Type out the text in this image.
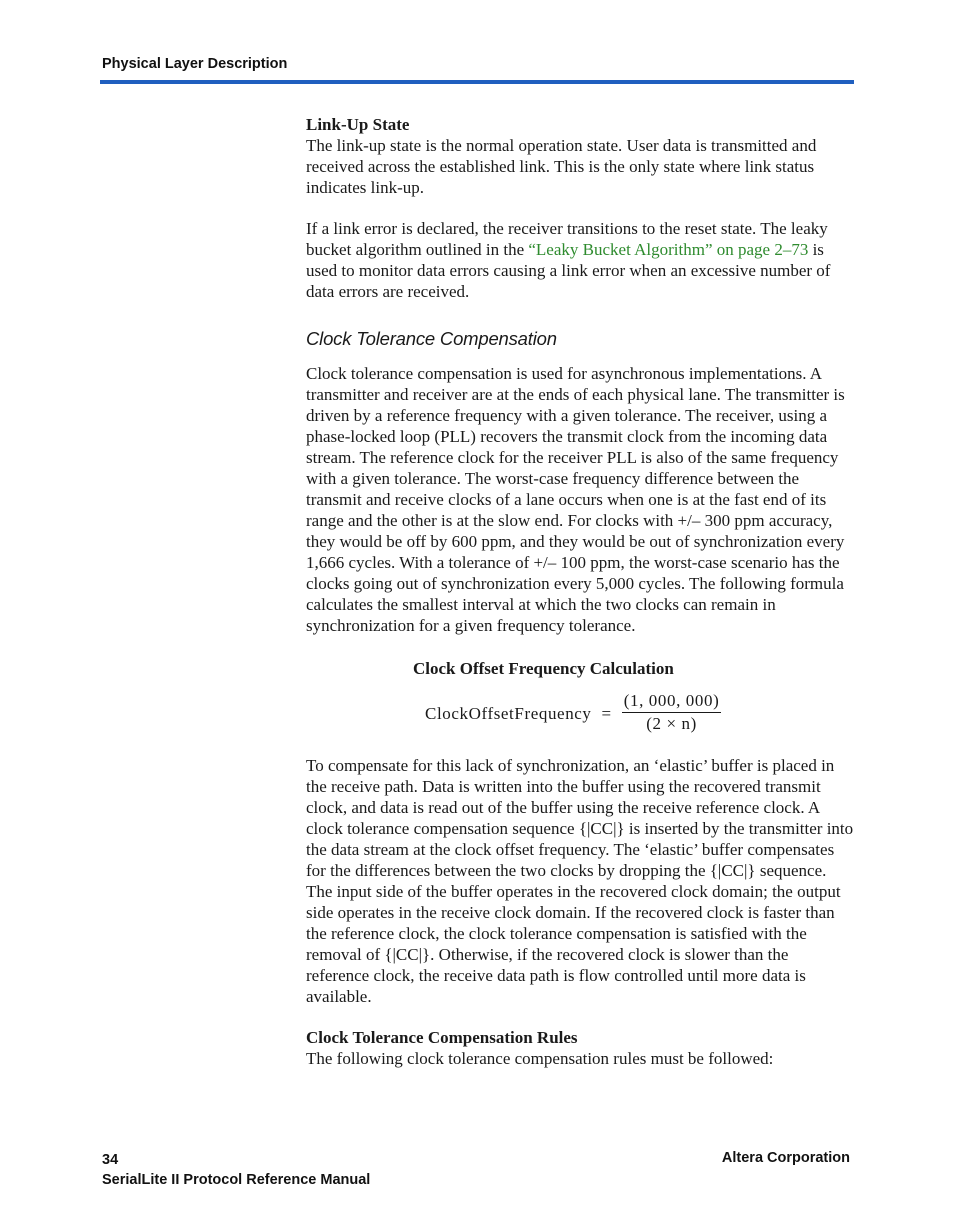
Physical Layer Description

Link-Up State

The link-up state is the normal operation state. User data is transmitted and received across the established link. This is the only state where link status indicates link-up.

If a link error is declared, the receiver transitions to the reset state. The leaky bucket algorithm outlined in the “Leaky Bucket Algorithm” on page 2–73 is used to monitor data errors causing a link error when an excessive number of data errors are received.

Clock Tolerance Compensation

Clock tolerance compensation is used for asynchronous implementations. A transmitter and receiver are at the ends of each physical lane. The transmitter is driven by a reference frequency with a given tolerance. The receiver, using a phase-locked loop (PLL) recovers the transmit clock from the incoming data stream. The reference clock for the receiver PLL is also of the same frequency with a given tolerance. The worst-case frequency difference between the transmit and receive clocks of a lane occurs when one is at the fast end of its range and the other is at the slow end. For clocks with +/– 300 ppm accuracy, they would be off by 600 ppm, and they would be out of synchronization every 1,666 cycles. With a tolerance of +/– 100 ppm, the worst-case scenario has the clocks going out of synchronization every 5,000 cycles. The following formula calculates the smallest interval at which the two clocks can remain in synchronization for a given frequency tolerance.

Clock Offset Frequency Calculation

ClockOffsetFrequency = $\frac{(1, 000, 000)}{(2 \times n)}$

To compensate for this lack of synchronization, an ‘elastic’ buffer is placed in the receive path. Data is written into the buffer using the recovered transmit clock, and data is read out of the buffer using the receive reference clock. A clock tolerance compensation sequence {|CC|} is inserted by the transmitter into the data stream at the clock offset frequency. The ‘elastic’ buffer compensates for the differences between the two clocks by dropping the {|CC|} sequence. The input side of the buffer operates in the recovered clock domain; the output side operates in the receive clock domain. If the recovered clock is faster than the reference clock, the clock tolerance compensation is satisfied with the removal of {|CC|}. Otherwise, if the recovered clock is slower than the reference clock, the receive data path is flow controlled until more data is available.

Clock Tolerance Compensation Rules

The following clock tolerance compensation rules must be followed:

34
SerialLite II Protocol Reference Manual
Altera Corporation
